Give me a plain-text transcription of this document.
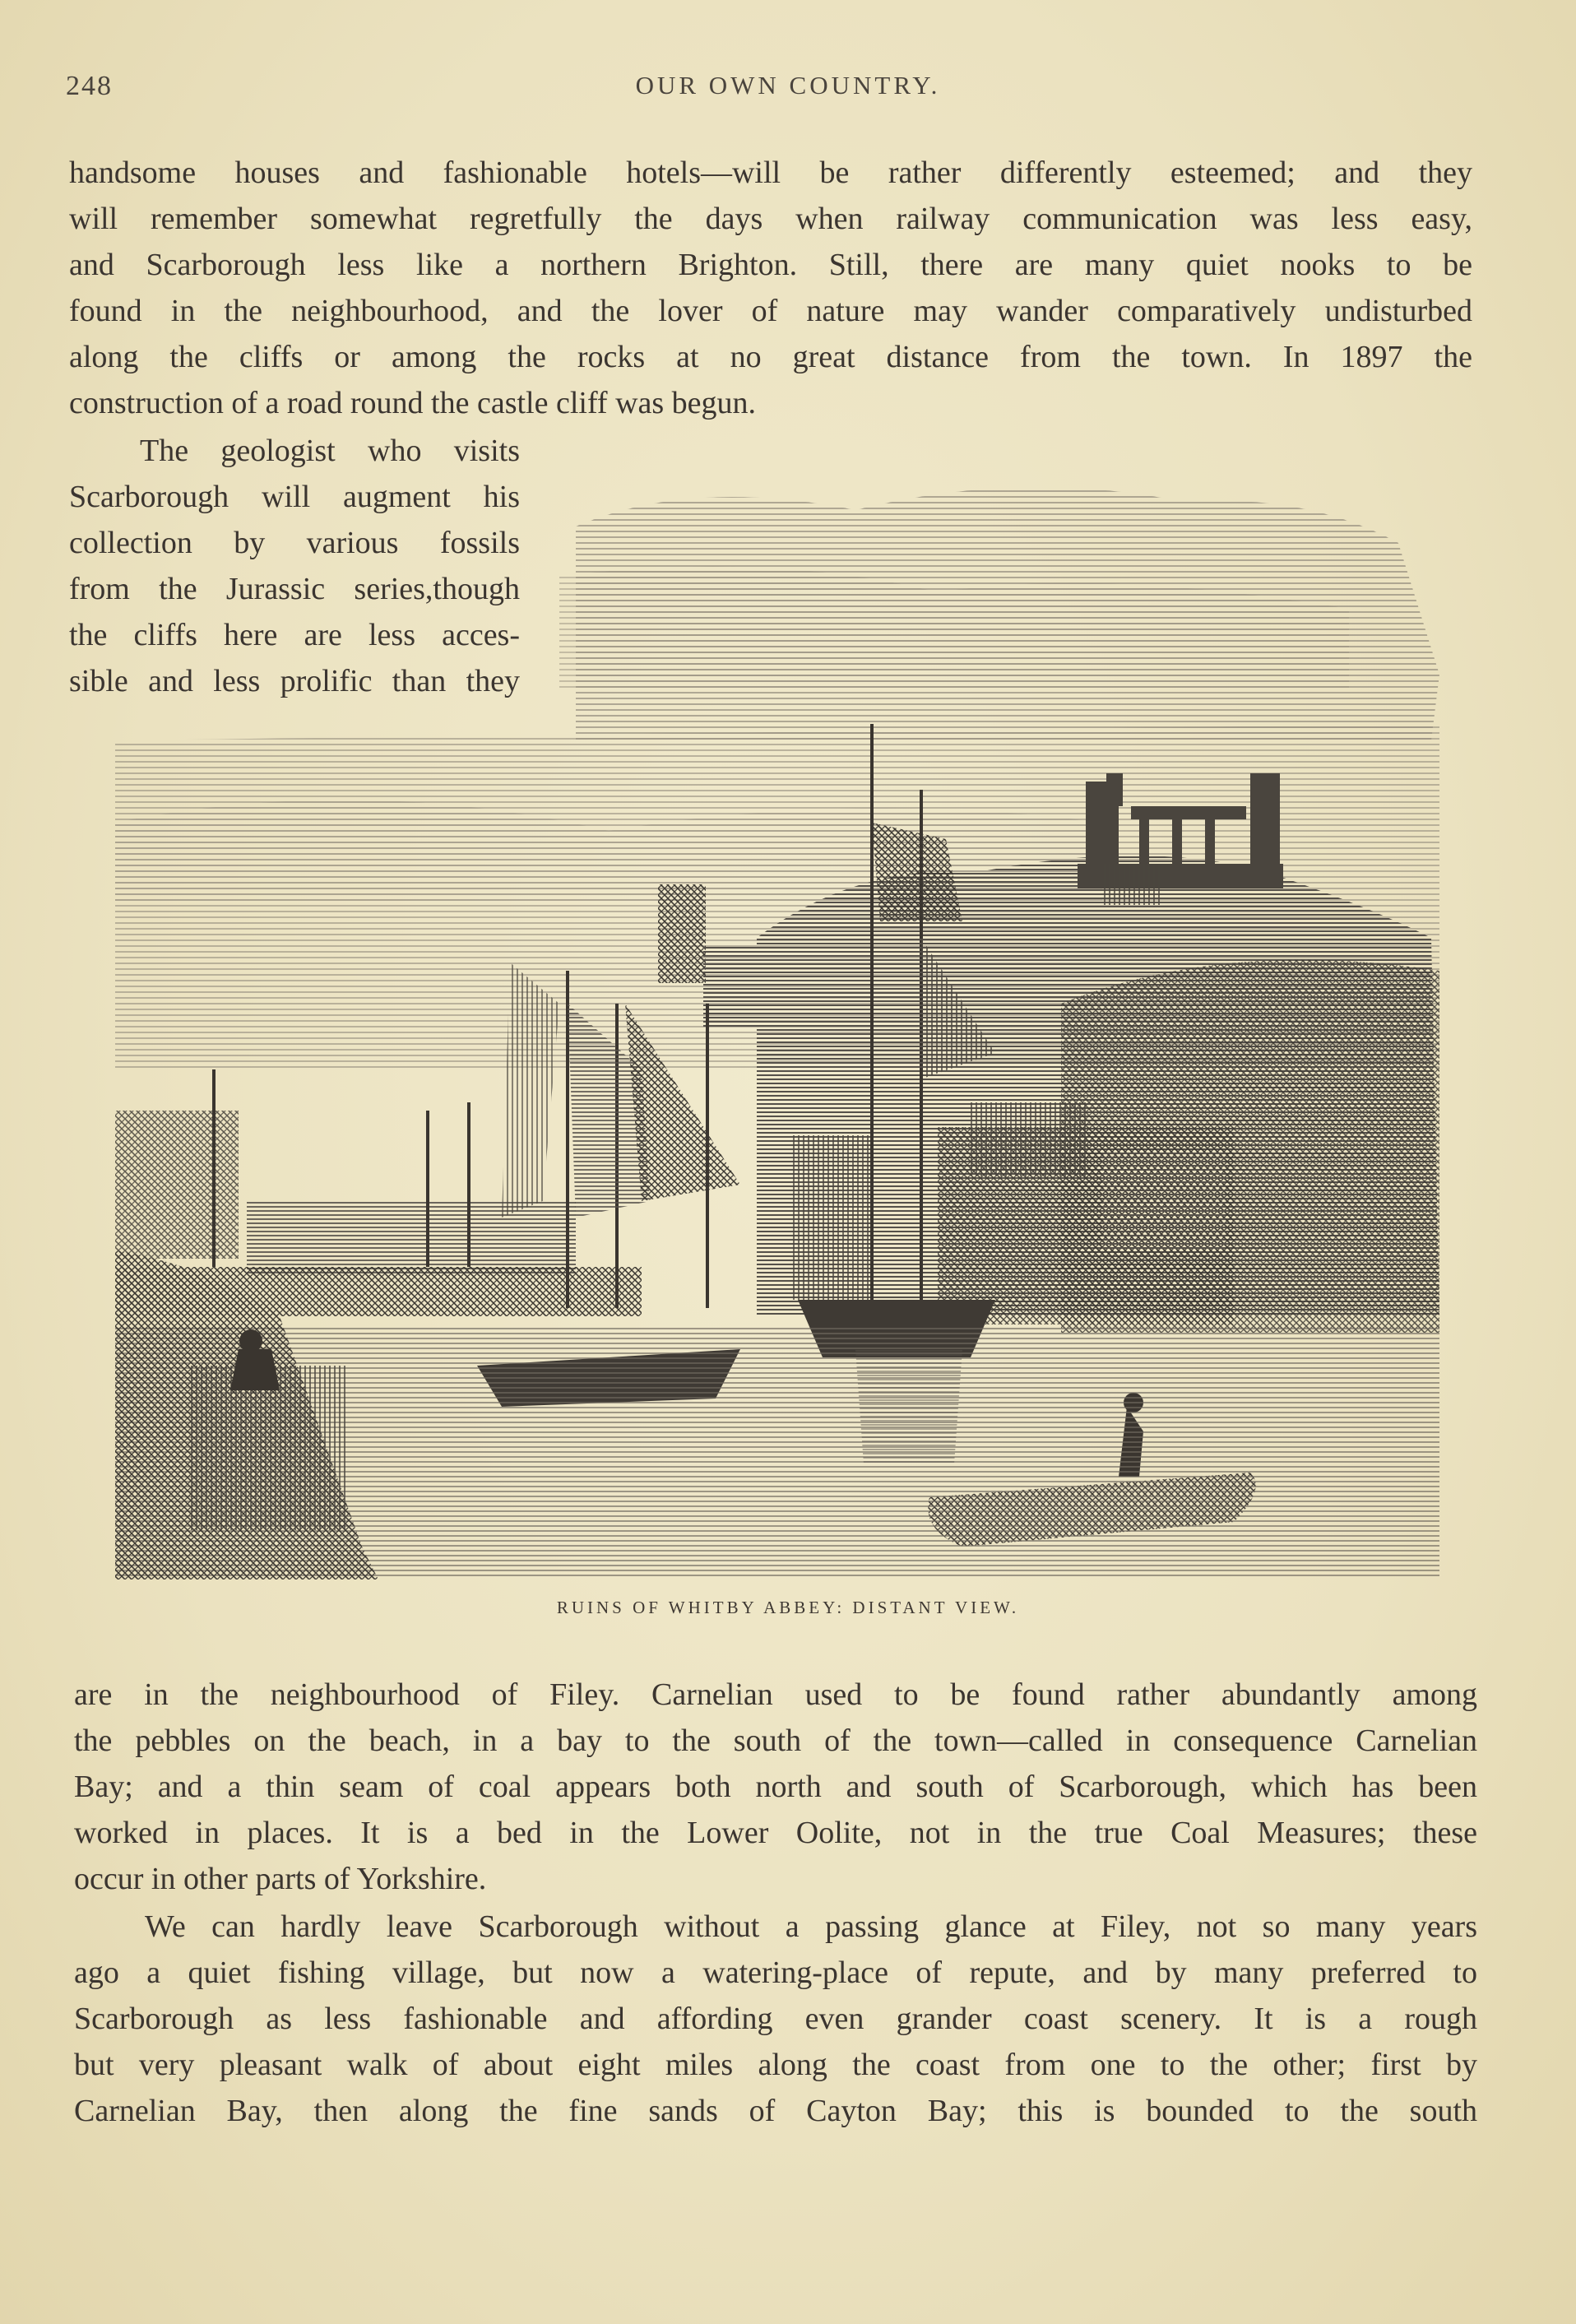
248	OUR OWN COUNTRY.
handsome houses and fashionable hotels—will be rather differently esteemed; and they
will remember somewhat regretfully the days when railway communication was less easy,
and Scarborough less like a northern Brighton. Still, there are many quiet nooks to be
found in the neighbourhood, and the lover of nature may wander comparatively undisturbed
along the cliffs or among the rocks at no great distance from the town. In 1897 the
construction of a road round the castle cliff was begun.
The geologist who visits
Scarborough will augment his
collection by various fossils
from the Jurassic series,though
the cliffs here are less acces-
sible and less prolific than they
RUINS OF WHITBY ABBEY: DISTANT VIEW.
are in the neighbourhood of Filey. Carnelian used to be found rather abundantly among
the pebbles on the beach, in a bay to the south of the town—called in consequence Carnelian
Bay; and a thin seam of coal appears both north and south of Scarborough, which has been
worked in places. It is a bed in the Lower Oolite, not in the true Coal Measures; these
occur in other parts of Yorkshire.
We can hardly leave Scarborough without a passing glance at Filey, not so many years
ago a quiet fishing village, but now a watering-place of repute, and by many preferred to
Scarborough as less fashionable and affording even grander coast scenery. It is a rough
but very pleasant walk of about eight miles along the coast from one to the other; first by
Carnelian Bay, then along the fine sands of Cayton Bay; this is bounded to the south
